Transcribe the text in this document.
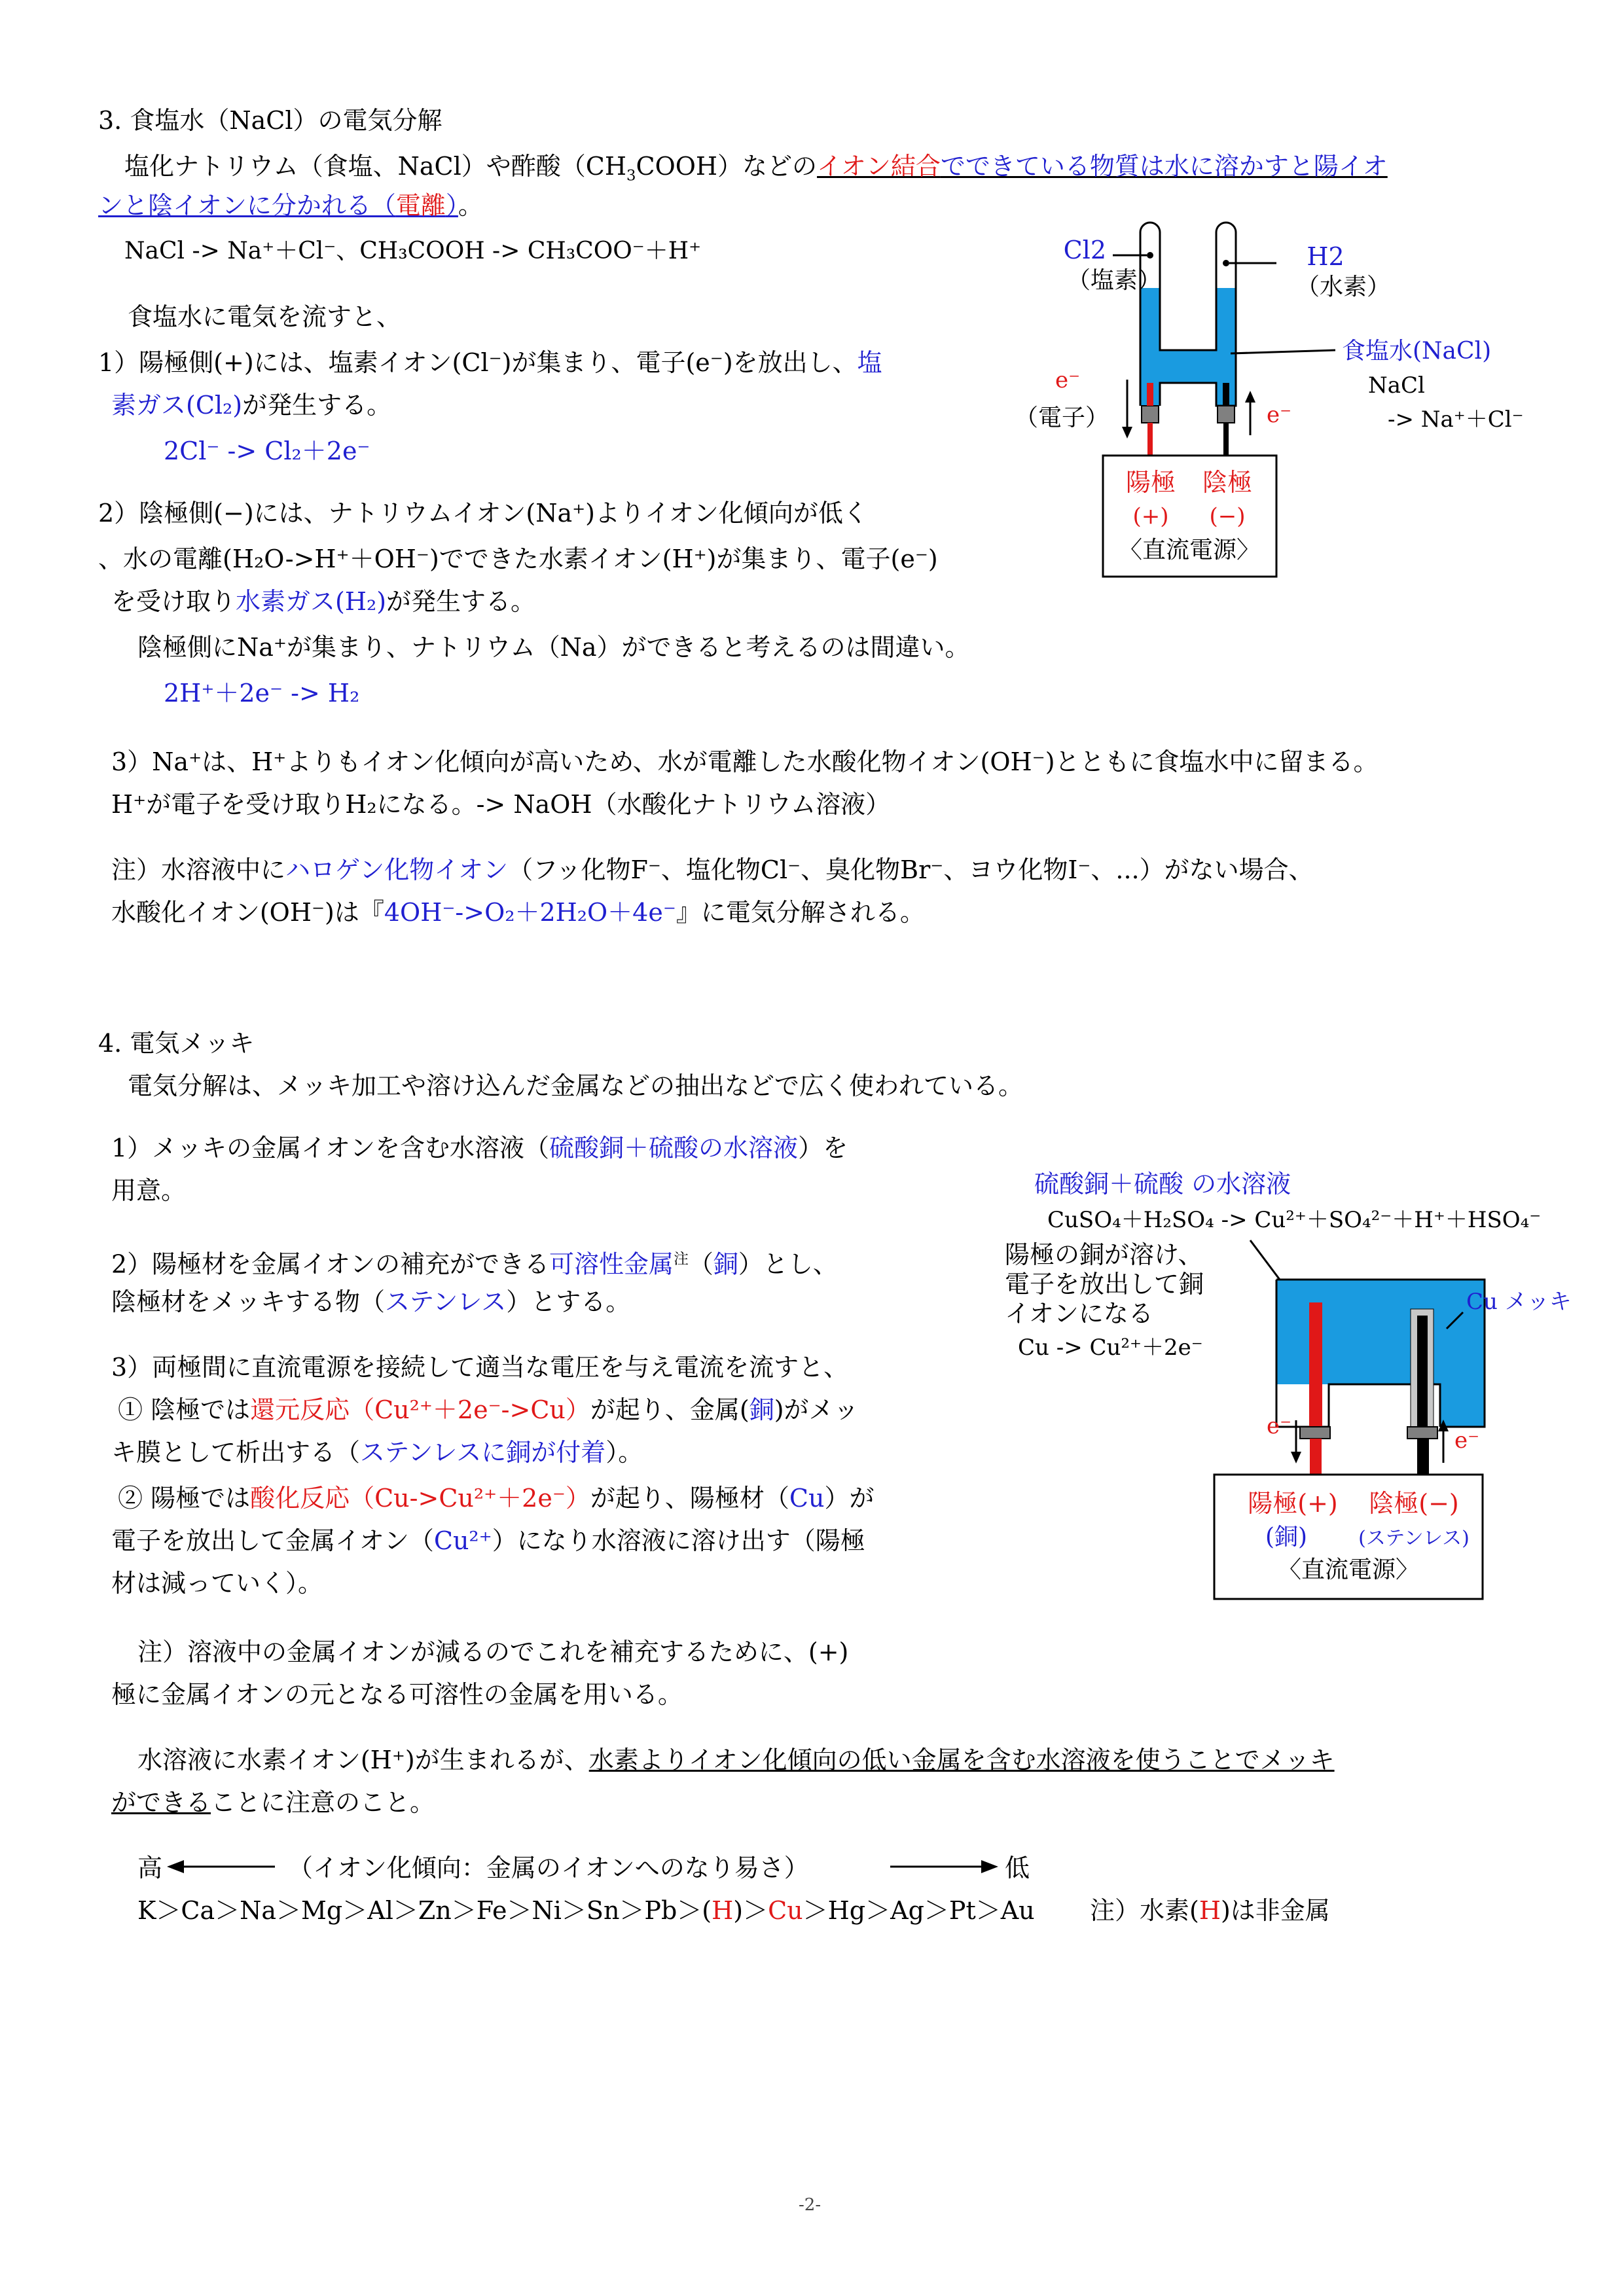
3. 食塩水（NaCl）の電気分解
塩化ナトリウム（食塩、NaCl）や酢酸$(CH_3COOH)$などのイオン結合でできている物質は水に溶かすと陽イオ
ンと陰イオンに分かれる（電離）。
NaCl -> Na⁺＋Cl⁻、CH₃COOH -> CH₃COO⁻＋H⁺
食塩水に電気を流すと、
1）陽極側(+)には、塩素イオン(Cl⁻)が集まり、電子(e⁻)を放出し、塩
素ガス(Cl₂)が発生する。
2Cl⁻ -> Cl₂＋2e⁻
2）陰極側(−)には、ナトリウムイオン(Na⁺)よりイオン化傾向が低く
、水の電離(H₂O->H⁺＋OH⁻)でできた水素イオン(H⁺)が集まり、電子(e⁻)
を受け取り水素ガス(H₂)が発生する。
陰極側にNa⁺が集まり、ナトリウム（Na）ができると考えるのは間違い。
2H⁺＋2e⁻ -> H₂
3）Na⁺は、H⁺よりもイオン化傾向が高いため、水が電離した水酸化物イオン(OH⁻)とともに食塩水中に留まる。
H⁺が電子を受け取りH₂になる。-> NaOH（水酸化ナトリウム溶液）
注）水溶液中にハロゲン化物イオン（フッ化物F⁻、塩化物Cl⁻、臭化物Br⁻、ヨウ化物I⁻、...）がない場合、
水酸化イオン(OH⁻)は『4OH⁻->O₂＋2H₂O＋4e⁻』に電気分解される。
Cl2
（塩素）
H2
（水素）
食塩水(NaCl)
NaCl
-> Na⁺＋Cl⁻
e⁻
（電子）	e⁻
陽極 陰極
(+) (−)
〈直流電源〉
4. 電気メッキ
電気分解は、メッキ加工や溶け込んだ金属などの抽出などで広く使われている。
1）メッキの金属イオンを含む水溶液（硫酸銅＋硫酸の水溶液）を
用意。
2）陽極材を金属イオンの補充ができる可溶性金属$^注$（銅）とし、
陰極材をメッキする物（ステンレス）とする。
3）両極間に直流電源を接続して適当な電圧を与え電流を流すと、
① 陰極では還元反応（Cu²⁺＋2e⁻->Cu）が起り、金属(銅)がメッ
キ膜として析出する（ステンレスに銅が付着）。
② 陽極では酸化反応（Cu->Cu²⁺＋2e⁻）が起り、陽極材（Cu）が
電子を放出して金属イオン（Cu²⁺）になり水溶液に溶け出す（陽極
材は減っていく）。
注）溶液中の金属イオンが減るのでこれを補充するために、(+)
極に金属イオンの元となる可溶性の金属を用いる。
水溶液に水素イオン(H⁺)が生まれるが、水素よりイオン化傾向の低い金属を含む水溶液を使うことでメッキ
ができることに注意のこと。
高	（イオン化傾向：金属のイオンへのなり易さ）	低
K＞Ca＞Na＞Mg＞Al＞Zn＞Fe＞Ni＞Sn＞Pb＞(H)＞Cu＞Hg＞Ag＞Pt＞Au 注）水素(H)は非金属
硫酸銅＋硫酸 の水溶液
CuSO₄＋H₂SO₄ -> Cu²⁺＋SO₄²⁻＋H⁺＋HSO₄⁻
陽極の銅が溶け、
電子を放出して銅
イオンになる
Cu -> Cu²⁺＋2e⁻
Cu メッキ
e⁻
e⁻
陽極(+) 陰極(−)
(銅)	(ステンレス)
〈直流電源〉
-2-
